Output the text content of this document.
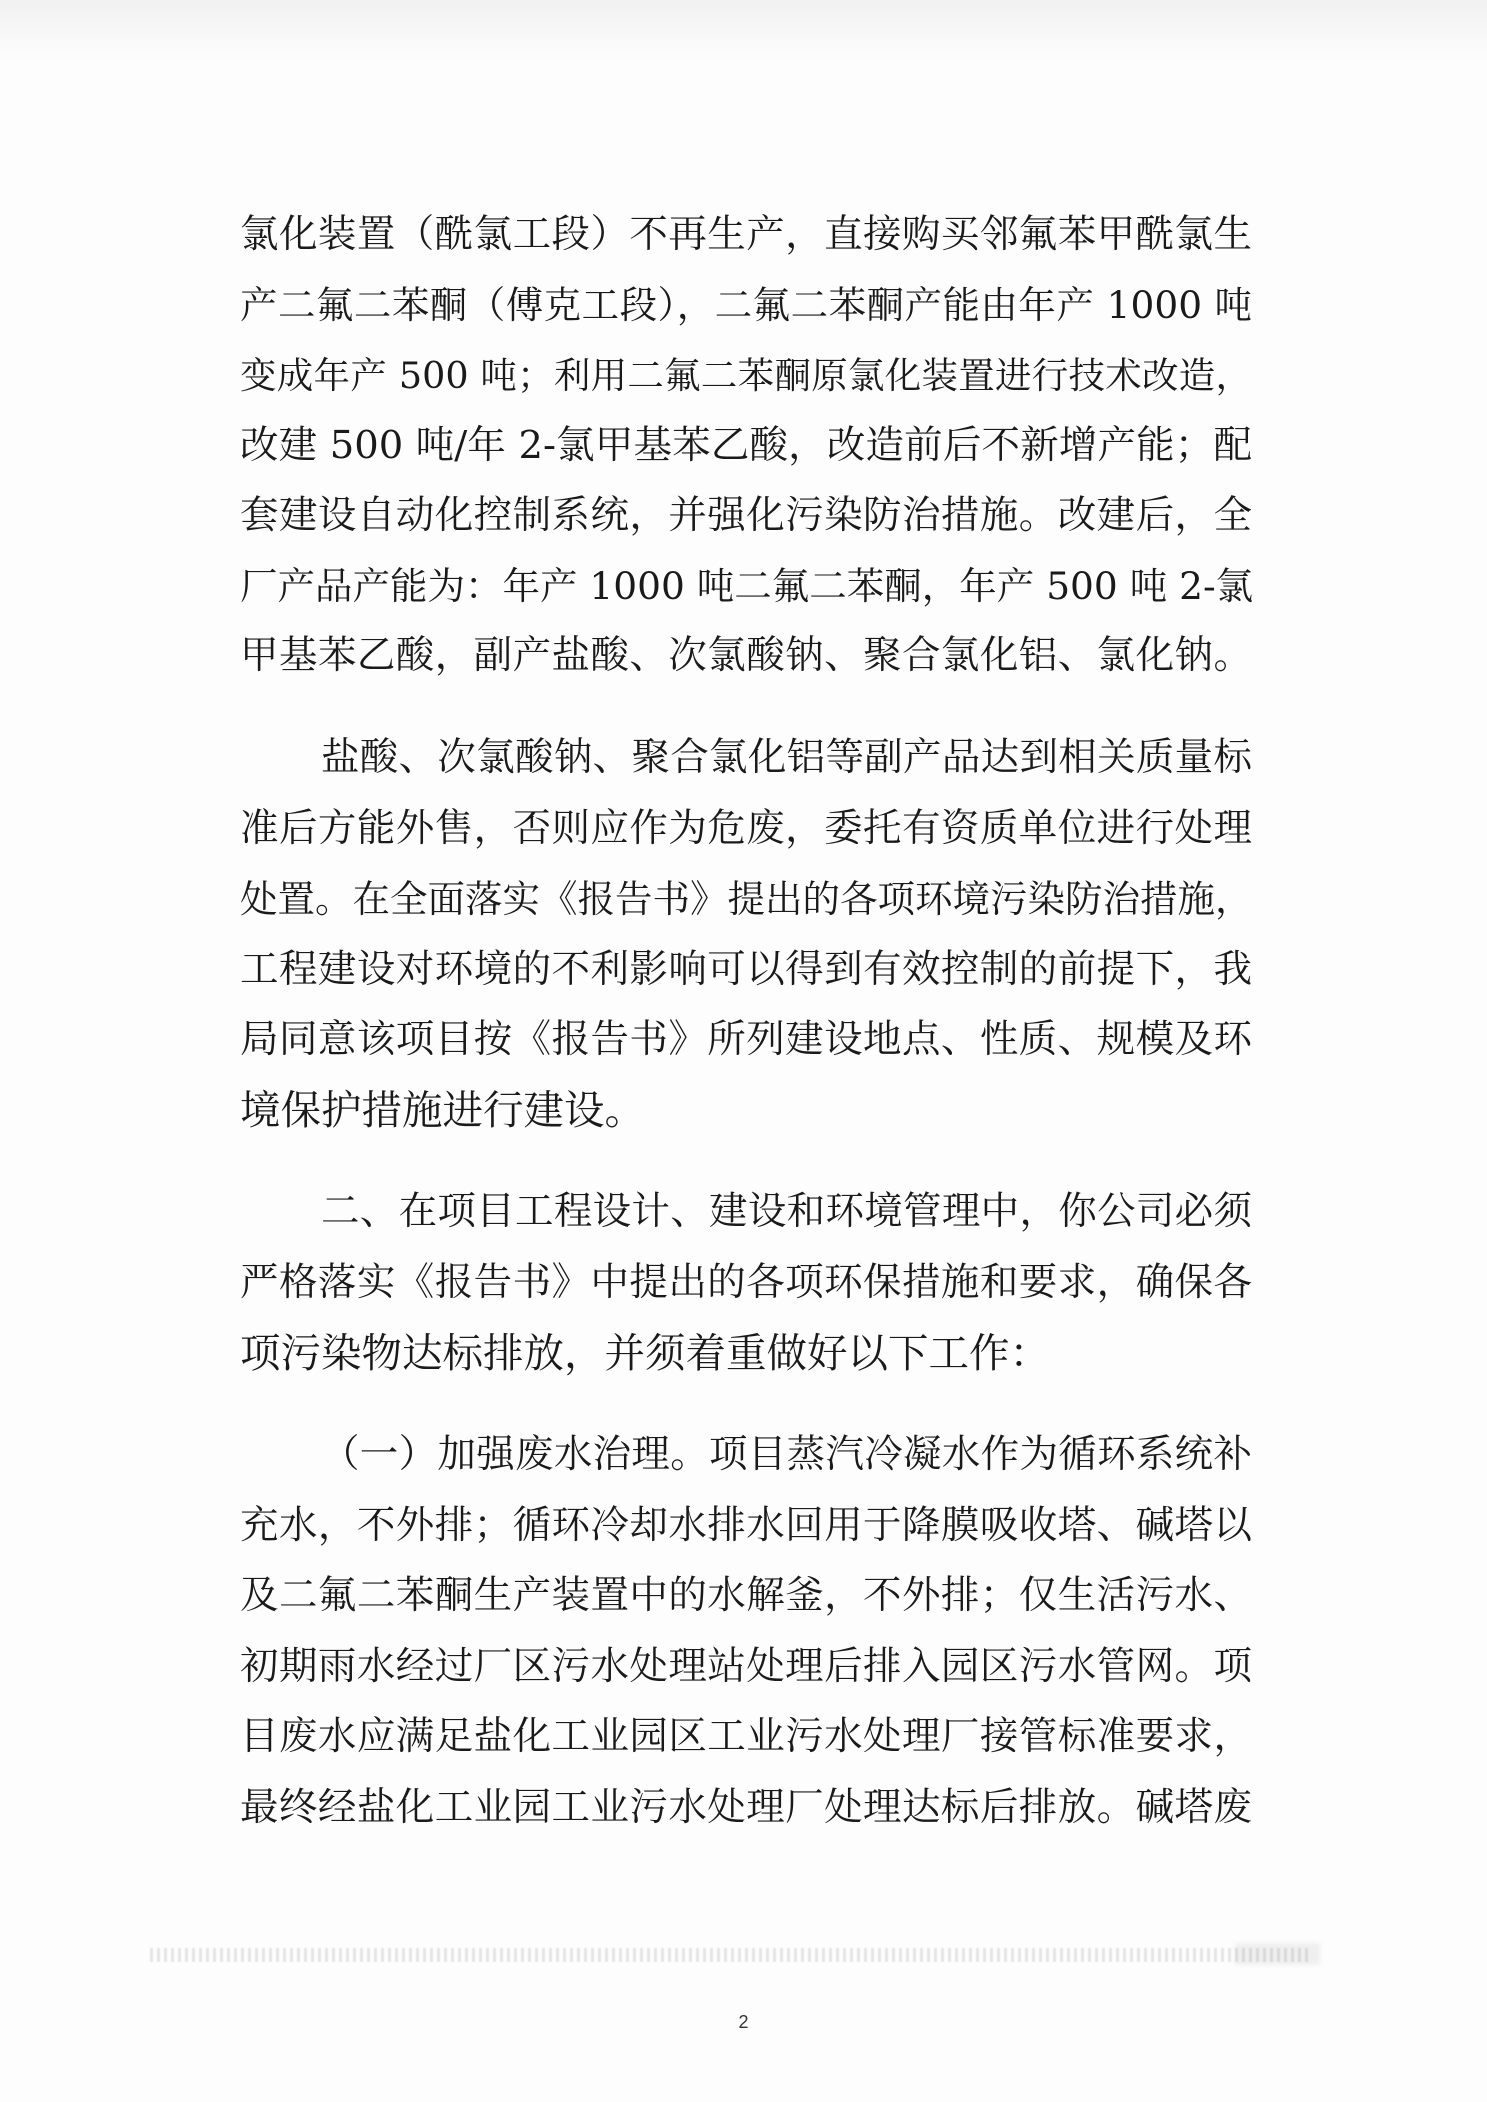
氯化装置（酰氯工段）不再生产，直接购买邻氟苯甲酰氯生
产二氟二苯酮（傅克工段），二氟二苯酮产能由年产 1000 吨
变成年产 500 吨；利用二氟二苯酮原氯化装置进行技术改造，
改建 500 吨/年 2-氯甲基苯乙酸，改造前后不新增产能；配
套建设自动化控制系统，并强化污染防治措施。改建后，全
厂产品产能为：年产 1000 吨二氟二苯酮，年产 500 吨 2-氯
甲基苯乙酸，副产盐酸、次氯酸钠、聚合氯化铝、氯化钠。
盐酸、次氯酸钠、聚合氯化铝等副产品达到相关质量标
准后方能外售，否则应作为危废，委托有资质单位进行处理
处置。在全面落实《报告书》提出的各项环境污染防治措施，
工程建设对环境的不利影响可以得到有效控制的前提下，我
局同意该项目按《报告书》所列建设地点、性质、规模及环
境保护措施进行建设。
二、在项目工程设计、建设和环境管理中，你公司必须
严格落实《报告书》中提出的各项环保措施和要求，确保各
项污染物达标排放，并须着重做好以下工作：
（一）加强废水治理。项目蒸汽冷凝水作为循环系统补
充水，不外排；循环冷却水排水回用于降膜吸收塔、碱塔以
及二氟二苯酮生产装置中的水解釜，不外排；仅生活污水、
初期雨水经过厂区污水处理站处理后排入园区污水管网。项
目废水应满足盐化工业园区工业污水处理厂接管标准要求，
最终经盐化工业园工业污水处理厂处理达标后排放。碱塔废
2
